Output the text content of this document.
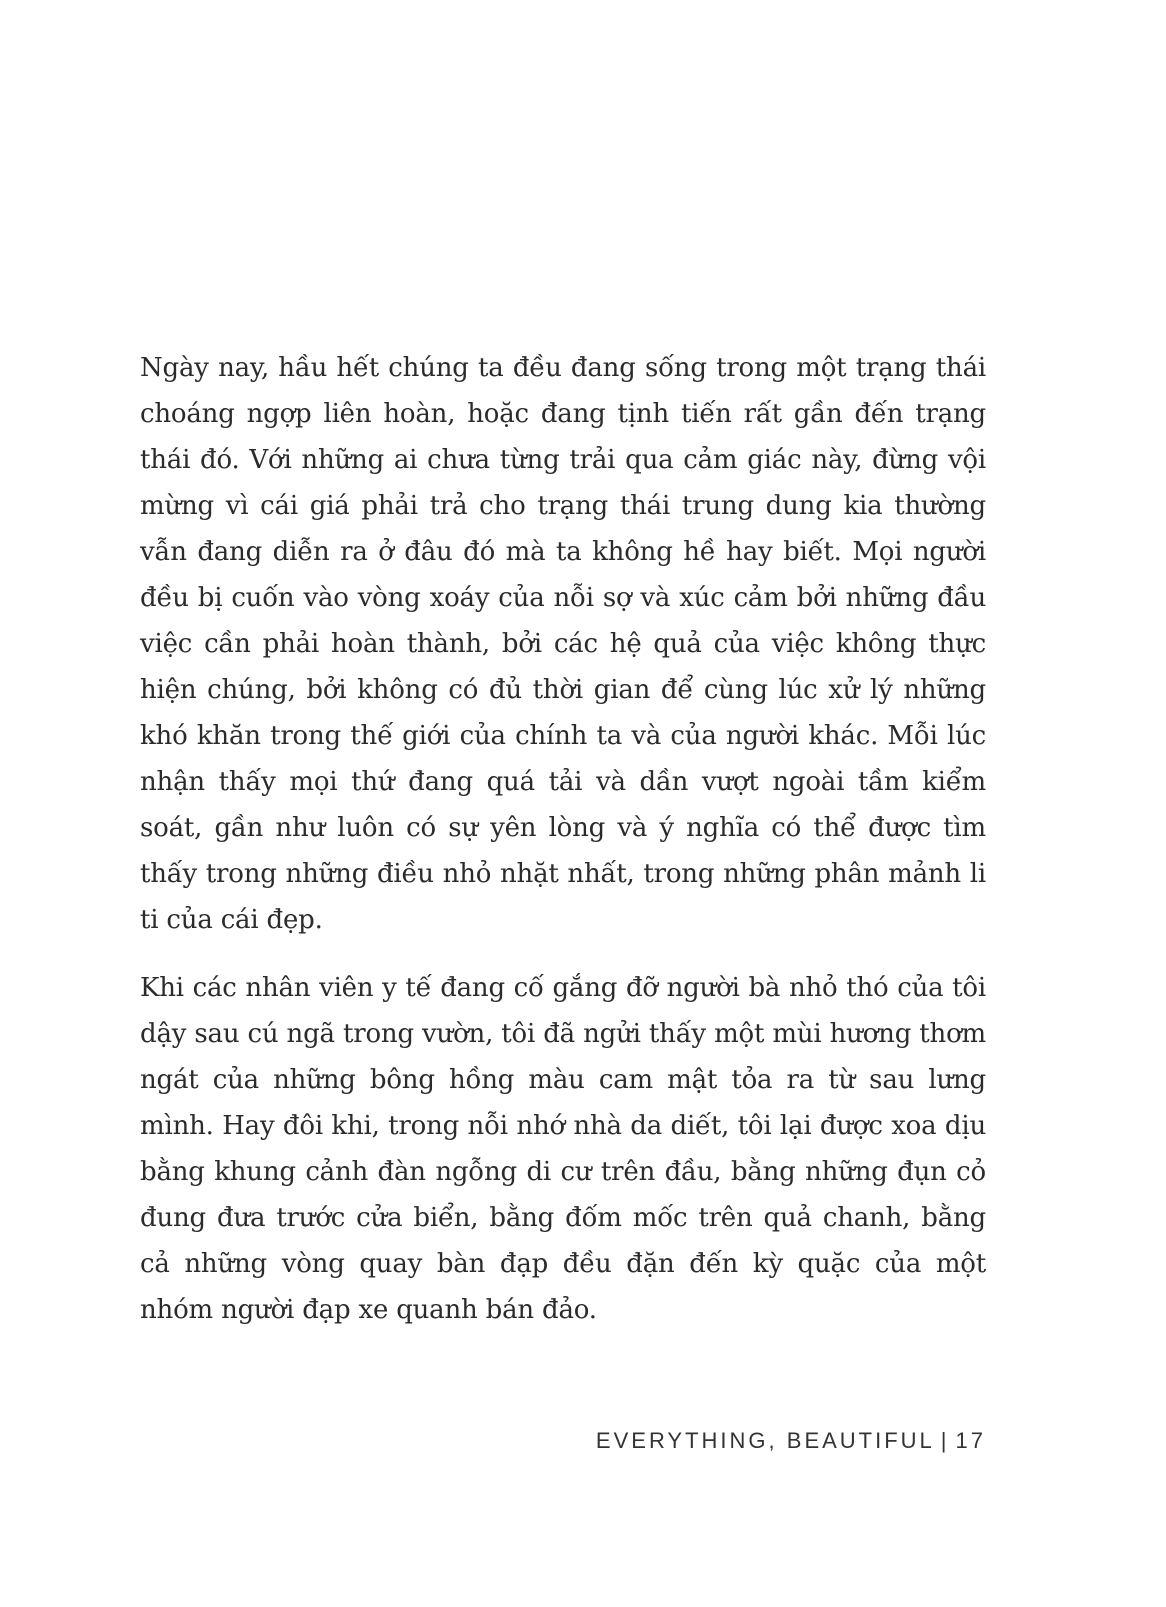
Ngày nay, hầu hết chúng ta đều đang sống trong một trạng thái choáng ngợp liên hoàn, hoặc đang tịnh tiến rất gần đến trạng thái đó. Với những ai chưa từng trải qua cảm giác này, đừng vội mừng vì cái giá phải trả cho trạng thái trung dung kia thường vẫn đang diễn ra ở đâu đó mà ta không hề hay biết. Mọi người đều bị cuốn vào vòng xoáy của nỗi sợ và xúc cảm bởi những đầu việc cần phải hoàn thành, bởi các hệ quả của việc không thực hiện chúng, bởi không có đủ thời gian để cùng lúc xử lý những khó khăn trong thế giới của chính ta và của người khác. Mỗi lúc nhận thấy mọi thứ đang quá tải và dần vượt ngoài tầm kiểm soát, gần như luôn có sự yên lòng và ý nghĩa có thể được tìm thấy trong những điều nhỏ nhặt nhất, trong những phân mảnh li ti của cái đẹp.

Khi các nhân viên y tế đang cố gắng đỡ người bà nhỏ thó của tôi dậy sau cú ngã trong vườn, tôi đã ngửi thấy một mùi hương thơm ngát của những bông hồng màu cam mật tỏa ra từ sau lưng mình. Hay đôi khi, trong nỗi nhớ nhà da diết, tôi lại được xoa dịu bằng khung cảnh đàn ngỗng di cư trên đầu, bằng những đụn cỏ đung đưa trước cửa biển, bằng đốm mốc trên quả chanh, bằng cả những vòng quay bàn đạp đều đặn đến kỳ quặc của một nhóm người đạp xe quanh bán đảo.

EVERYTHING, BEAUTIFUL | 17
